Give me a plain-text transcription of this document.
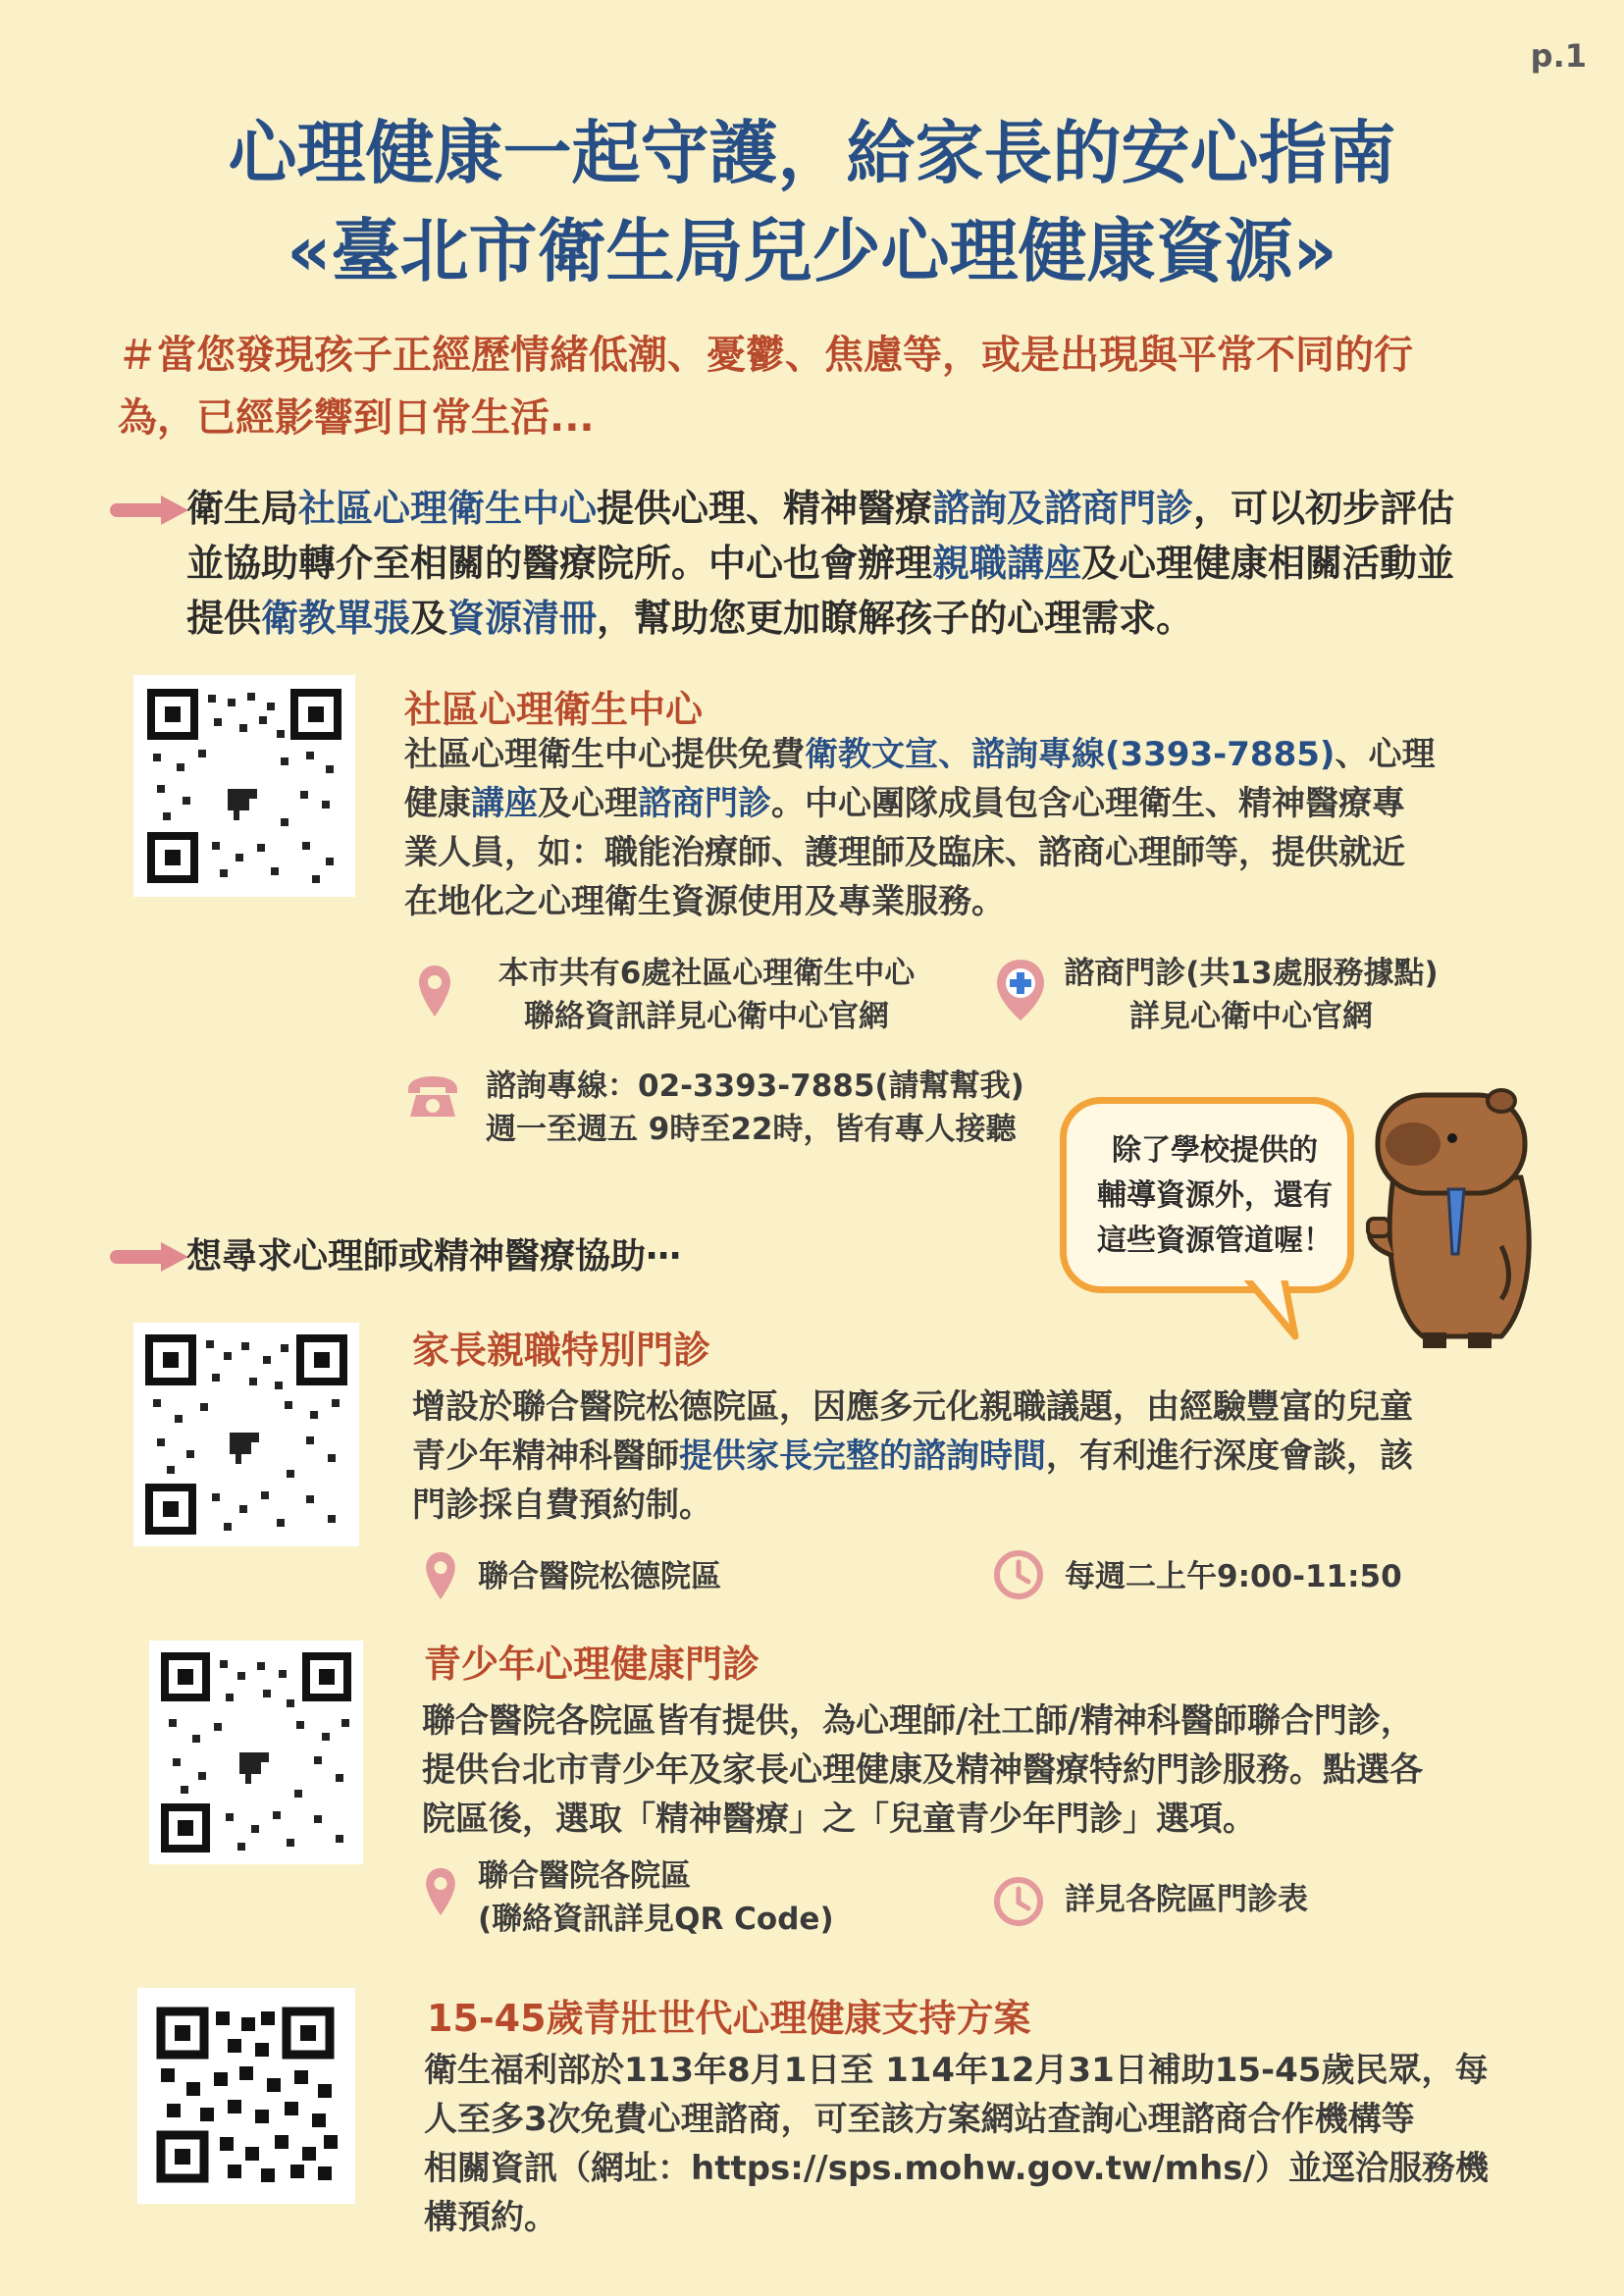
p.1
心理健康一起守護，給家長的安心指南
«臺北市衛生局兒少心理健康資源»
＃當您發現孩子正經歷情緒低潮、憂鬱、焦慮等，或是出現與平常不同的行
為，已經影響到日常生活...
衛生局社區心理衛生中心提供心理、精神醫療諮詢及諮商門診，可以初步評估
並協助轉介至相關的醫療院所。中心也會辦理親職講座及心理健康相關活動並
提供衛教單張及資源清冊，幫助您更加瞭解孩子的心理需求。
社區心理衛生中心
社區心理衛生中心提供免費衛教文宣、諮詢專線(3393-7885)、心理
健康講座及心理諮商門診。中心團隊成員包含心理衛生、精神醫療專
業人員，如：職能治療師、護理師及臨床、諮商心理師等，提供就近
在地化之心理衛生資源使用及專業服務。
本市共有6處社區心理衛生中心
聯絡資訊詳見心衛中心官網
諮商門診(共13處服務據點)
詳見心衛中心官網
諮詢專線：02-3393-7885(請幫幫我)
週一至週五 9時至22時，皆有專人接聽
除了學校提供的
輔導資源外，還有
這些資源管道喔！
想尋求心理師或精神醫療協助⋯
家長親職特別門診
增設於聯合醫院松德院區，因應多元化親職議題，由經驗豐富的兒童
青少年精神科醫師提供家長完整的諮詢時間，有利進行深度會談，該
門診採自費預約制。
聯合醫院松德院區	每週二上午9:00-11:50
青少年心理健康門診
聯合醫院各院區皆有提供，為心理師/社工師/精神科醫師聯合門診，
提供台北市青少年及家長心理健康及精神醫療特約門診服務。點選各
院區後，選取「精神醫療」之「兒童青少年門診」選項。
聯合醫院各院區
(聯絡資訊詳見QR Code)
詳見各院區門診表
15-45歲青壯世代心理健康支持方案
衛生福利部於113年8月1日至 114年12月31日補助15-45歲民眾，每
人至多3次免費心理諮商，可至該方案網站查詢心理諮商合作機構等
相關資訊（網址：https://sps.mohw.gov.tw/mhs/）並逕洽服務機
構預約。
